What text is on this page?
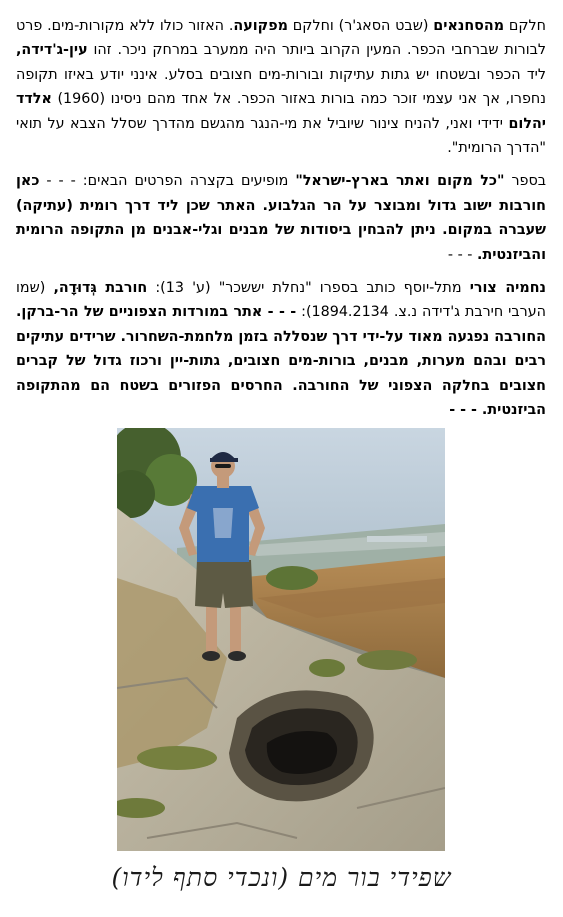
חלקם מהסחנאים (שבט הסאג'ר) וחלקם מפקועה. האזור כולו ללא מקורות-מים. פרט לבורות שברחבי הכפר. המעין הקרוב ביותר היה ממערב במרחק ניכר. זהו עין-ג'דידה, ליד הכפר ובשטחו יש גתות עתיקות ובורות-מים חצובים בסלע. אינני יודע באיזו תקופה נחפרו, אך אני עצמי זוכר כמה בורות באזור הכפר. אל אחד מהם ניסינו (1960) אלדד יהלום ידידי ואני, להניח צינור שיוביל את מי-הנגר מהגשם מהדרך שסלל הצבא על תואי "הדרך הרומית".

בספר "כל מקום ואתר בארץ-ישראל" מופיעים בקצרה הפרטים הבאים: - - - כאן חורבות ישוב גדול ומבוצר על הר הגלבוע. האתר שכן ליד דרך רומית (עתיקה) שעברה במקום. ניתן להבחין ביסודות של מבנים וגלי-אבנים מן התקופה הרומית והביזנטית. - - -

נחמיה צורי מתל-יוסף כותב בספרו "נחלת יששכר" (ע' 13): חורבת גְּדוּדָה, (שמו הערבי חירבת ג'דידה נ.צ. 1894.2134): - - - אתר במורדות הצפוניים של הר-ברקן. החורבה נפגעה מאוד על-ידי דרך שנסללה בזמן מלחמת-השחרור. שרידים עתיקים רבים ובהם מערות, מבנים, בורות-מים חצובים, גתות-יין ורכוז גדול של קברים חצובים בחלקה הצפוני של החורבה. החרסים הפזורים בשטח הם מהתקופה הביזנטית. - - -

שפידי בור מים (ונכדי סתף לידו)
